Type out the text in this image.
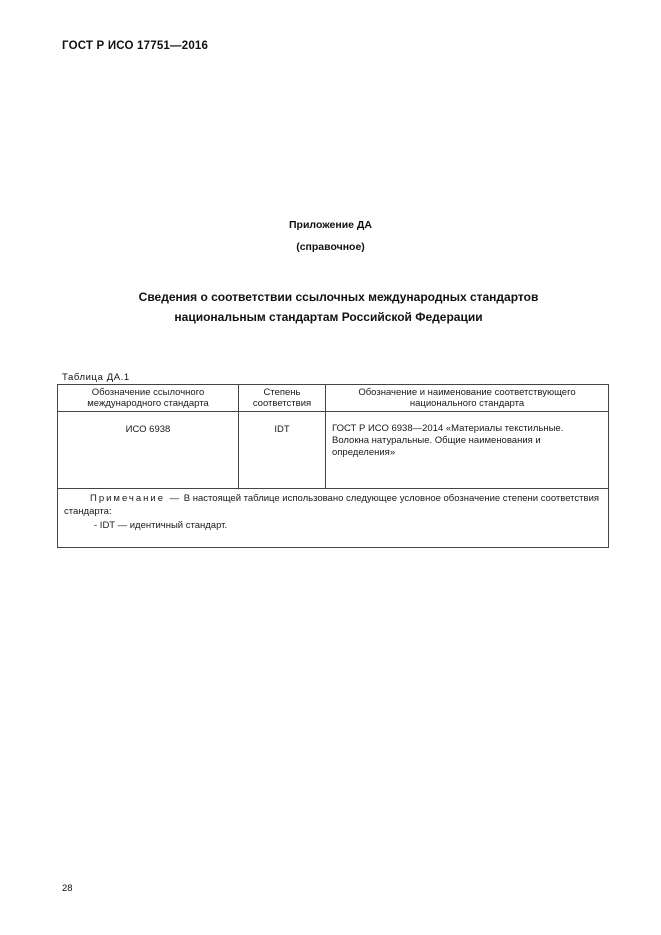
ГОСТ Р ИСО 17751—2016
Приложение ДА
(справочное)
Сведения о соответствии ссылочных международных стандартов
национальным стандартам Российской Федерации
Таблица ДА.1
Обозначение ссылочного международного стандарта	Степень соответствия	Обозначение и наименование соответствующего национального стандарта
ИСО 6938	IDT	ГОСТ Р ИСО 6938—2014 «Материалы текстильные. Волокна натуральные. Общие наименования и определения»
Примечание — В настоящей таблице использовано следующее условное обозначение степени соответствия стандарта:
- IDT — идентичный стандарт.		
28
